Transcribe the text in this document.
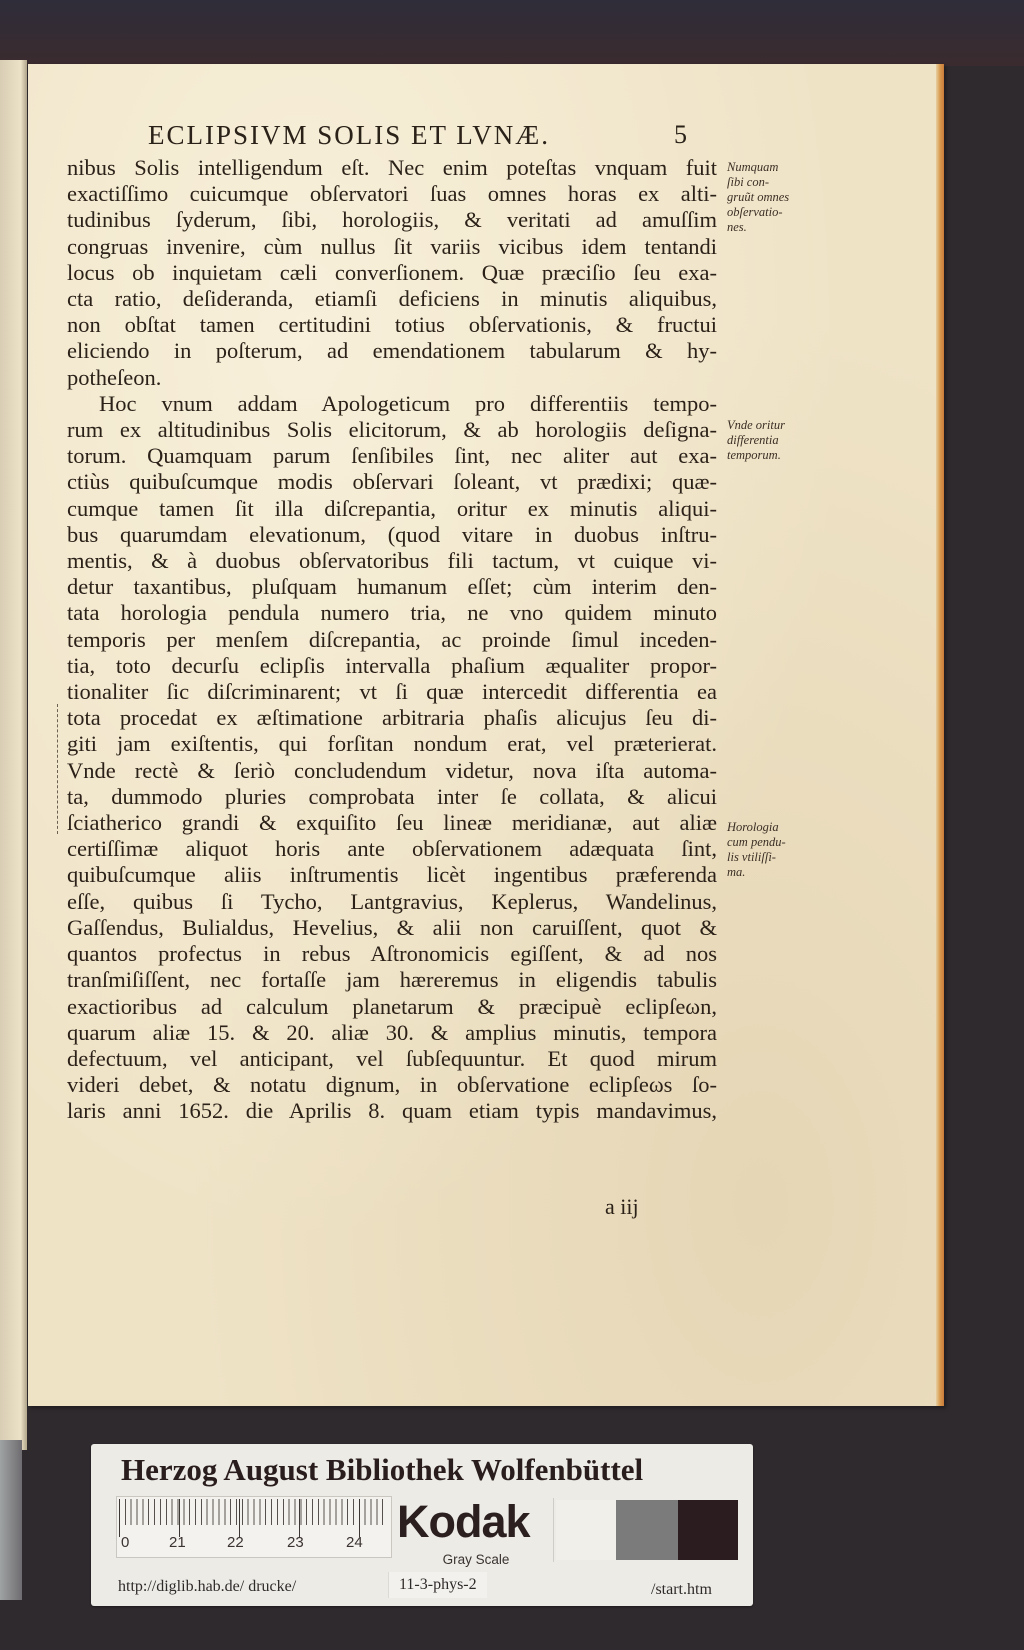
ECLIPSIVM SOLIS ET LVNÆ.	5
nibus Solis intelligendum eſt. Nec enim poteſtas vnquam fuit
exactiſſimo cuicumque obſervatori ſuas omnes horas ex alti-
tudinibus ſyderum, ſibi, horologiis, & veritati ad amuſſim
congruas invenire, cùm nullus ſit variis vicibus idem tentandi
locus ob inquietam cæli converſionem. Quæ præciſio ſeu exa-
cta ratio, deſideranda, etiamſi deficiens in minutis aliquibus,
non obſtat tamen certitudini totius obſervationis, & fructui
eliciendo in poſterum, ad emendationem tabularum & hy-
potheſeon.
Hoc vnum addam Apologeticum pro differentiis tempo-
rum ex altitudinibus Solis elicitorum, & ab horologiis deſigna-
torum. Quamquam parum ſenſibiles ſint, nec aliter aut exa-
ctiùs quibuſcumque modis obſervari ſoleant, vt prædixi; quæ-
cumque tamen ſit illa diſcrepantia, oritur ex minutis aliqui-
bus quarumdam elevationum, (quod vitare in duobus inſtru-
mentis, & à duobus obſervatoribus fili tactum, vt cuique vi-
detur taxantibus, pluſquam humanum eſſet; cùm interim den-
tata horologia pendula numero tria, ne vno quidem minuto
temporis per menſem diſcrepantia, ac proinde ſimul inceden-
tia, toto decurſu eclipſis intervalla phaſium æqualiter propor-
tionaliter ſic diſcriminarent; vt ſi quæ intercedit differentia ea
tota procedat ex æſtimatione arbitraria phaſis alicujus ſeu di-
giti jam exiſtentis, qui forſitan nondum erat, vel præterierat.
Vnde rectè & ſeriò concludendum videtur, nova iſta automa-
ta, dummodo pluries comprobata inter ſe collata, & alicui
ſciatherico grandi & exquiſito ſeu lineæ meridianæ, aut aliæ
certiſſimæ aliquot horis ante obſervationem adæquata ſint,
quibuſcumque aliis inſtrumentis licèt ingentibus præferenda
eſſe, quibus ſi Tycho, Lantgravius, Keplerus, Wandelinus,
Gaſſendus, Bulialdus, Hevelius, & alii non caruiſſent, quot &
quantos profectus in rebus Aſtronomicis egiſſent, & ad nos
tranſmiſiſſent, nec fortaſſe jam hæreremus in eligendis tabulis
exactioribus ad calculum planetarum & præcipuè eclipſeωn,
quarum aliæ 15. & 20. aliæ 30. & amplius minutis, tempora
defectuum, vel anticipant, vel ſubſequuntur. Et quod mirum
videri debet, & notatu dignum, in obſervatione eclipſeωs ſo-
laris anni 1652. die Aprilis 8. quam etiam typis mandavimus,
a iij
Numquam
ſibi con-
gruũt omnes
obſervatio-
nes.
Vnde oritur
differentia
temporum.
Horologia
cum pendu-
lis vtiliſſi-
ma.
Herzog August Bibliothek Wolfenbüttel
0	21	22	23	24 Kodak
Gray Scale
http://diglib.hab.de/ drucke/	11-3-phys-2	/start.htm
